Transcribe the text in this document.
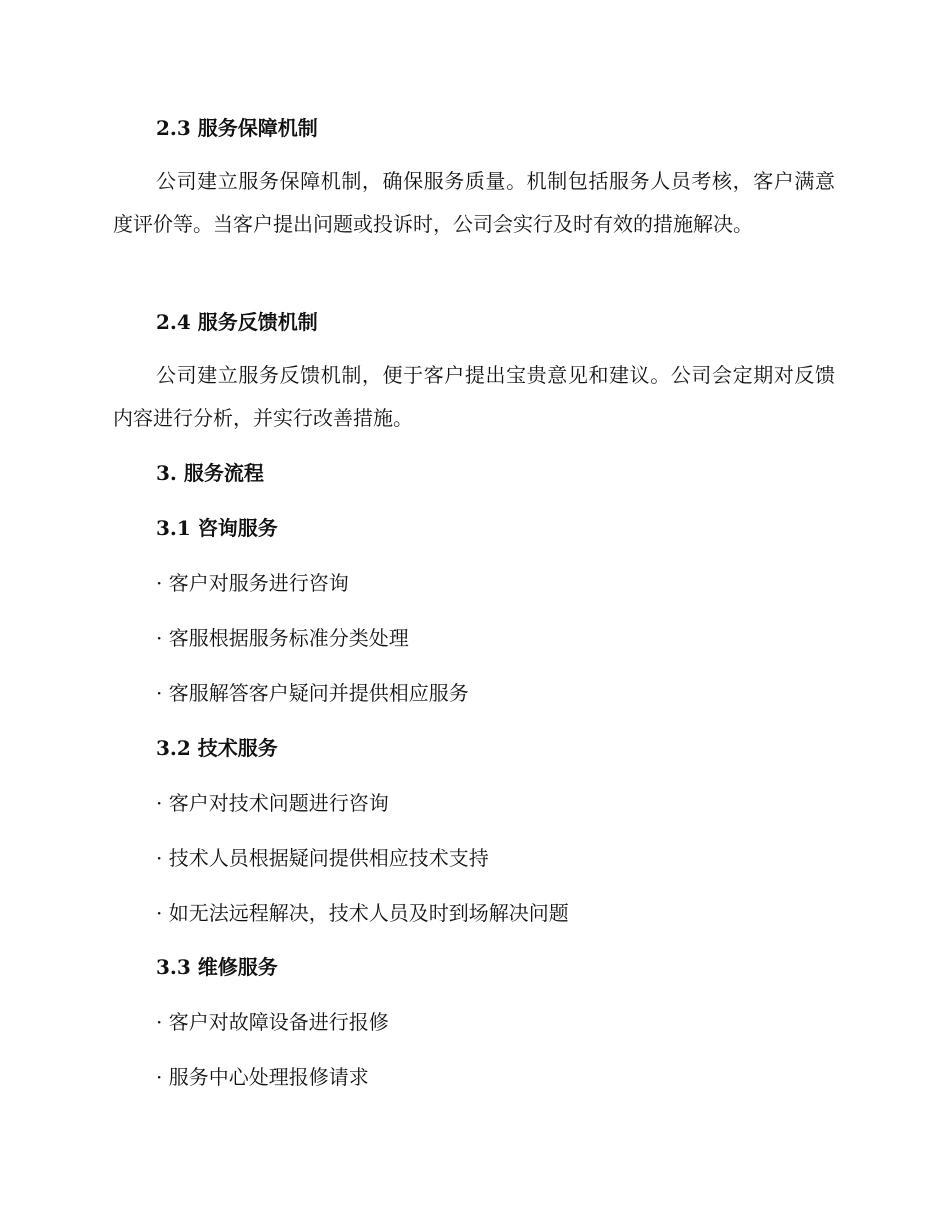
2.3 服务保障机制

公司建立服务保障机制，确保服务质量。机制包括服务人员考核，客户满意度评价等。当客户提出问题或投诉时，公司会实行及时有效的措施解决。

2.4 服务反馈机制

公司建立服务反馈机制，便于客户提出宝贵意见和建议。公司会定期对反馈内容进行分析，并实行改善措施。

3. 服务流程
3.1 咨询服务
· 客户对服务进行咨询
· 客服根据服务标准分类处理
· 客服解答客户疑问并提供相应服务
3.2 技术服务
· 客户对技术问题进行咨询
· 技术人员根据疑问提供相应技术支持
· 如无法远程解决，技术人员及时到场解决问题
3.3 维修服务
· 客户对故障设备进行报修
· 服务中心处理报修请求
